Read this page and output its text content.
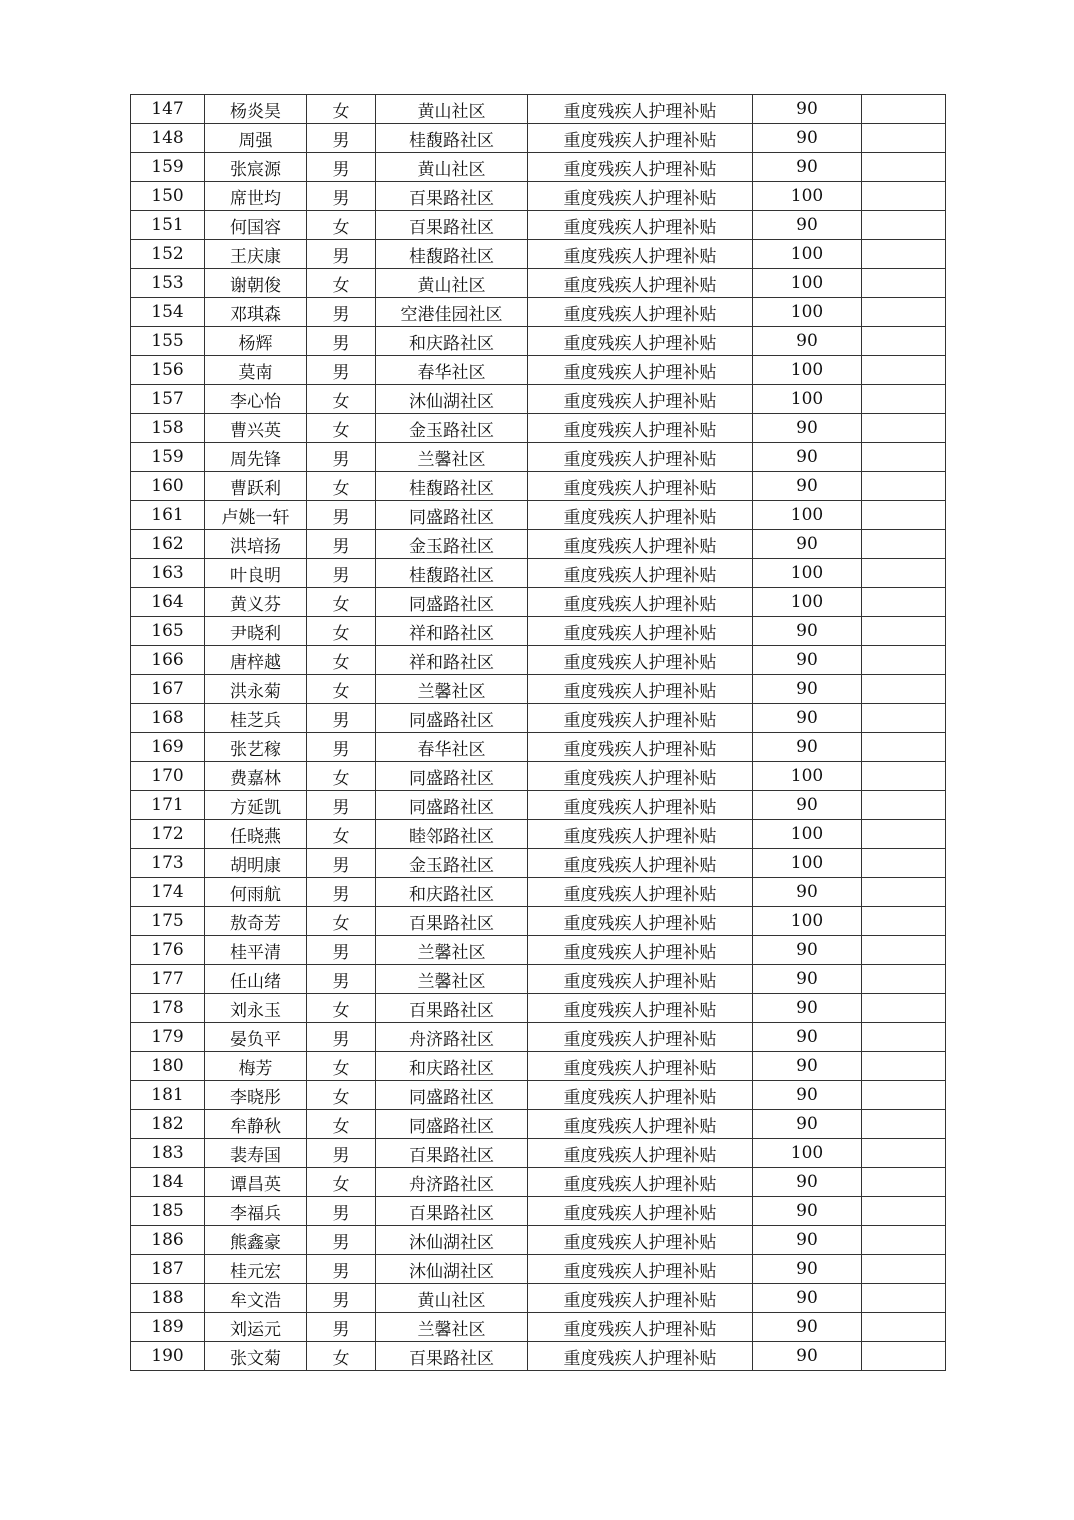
147	杨炎昊	女	黄山社区	重度残疾人护理补贴	90	
148	周强	男	桂馥路社区	重度残疾人护理补贴	90	
159	张宸源	男	黄山社区	重度残疾人护理补贴	90	
150	席世均	男	百果路社区	重度残疾人护理补贴	100	
151	何国容	女	百果路社区	重度残疾人护理补贴	90	
152	王庆康	男	桂馥路社区	重度残疾人护理补贴	100	
153	谢朝俊	女	黄山社区	重度残疾人护理补贴	100	
154	邓琪森	男	空港佳园社区	重度残疾人护理补贴	100	
155	杨辉	男	和庆路社区	重度残疾人护理补贴	90	
156	莫南	男	春华社区	重度残疾人护理补贴	100	
157	李心怡	女	沐仙湖社区	重度残疾人护理补贴	100	
158	曹兴英	女	金玉路社区	重度残疾人护理补贴	90	
159	周先锋	男	兰馨社区	重度残疾人护理补贴	90	
160	曹跃利	女	桂馥路社区	重度残疾人护理补贴	90	
161	卢姚一轩	男	同盛路社区	重度残疾人护理补贴	100	
162	洪培扬	男	金玉路社区	重度残疾人护理补贴	90	
163	叶良明	男	桂馥路社区	重度残疾人护理补贴	100	
164	黄义芬	女	同盛路社区	重度残疾人护理补贴	100	
165	尹晓利	女	祥和路社区	重度残疾人护理补贴	90	
166	唐梓越	女	祥和路社区	重度残疾人护理补贴	90	
167	洪永菊	女	兰馨社区	重度残疾人护理补贴	90	
168	桂芝兵	男	同盛路社区	重度残疾人护理补贴	90	
169	张艺稼	男	春华社区	重度残疾人护理补贴	90	
170	费嘉林	女	同盛路社区	重度残疾人护理补贴	100	
171	方延凯	男	同盛路社区	重度残疾人护理补贴	90	
172	任晓燕	女	睦邻路社区	重度残疾人护理补贴	100	
173	胡明康	男	金玉路社区	重度残疾人护理补贴	100	
174	何雨航	男	和庆路社区	重度残疾人护理补贴	90	
175	敖奇芳	女	百果路社区	重度残疾人护理补贴	100	
176	桂平清	男	兰馨社区	重度残疾人护理补贴	90	
177	任山绪	男	兰馨社区	重度残疾人护理补贴	90	
178	刘永玉	女	百果路社区	重度残疾人护理补贴	90	
179	晏负平	男	舟济路社区	重度残疾人护理补贴	90	
180	梅芳	女	和庆路社区	重度残疾人护理补贴	90	
181	李晓彤	女	同盛路社区	重度残疾人护理补贴	90	
182	牟静秋	女	同盛路社区	重度残疾人护理补贴	90	
183	裴寿国	男	百果路社区	重度残疾人护理补贴	100	
184	谭昌英	女	舟济路社区	重度残疾人护理补贴	90	
185	李福兵	男	百果路社区	重度残疾人护理补贴	90	
186	熊鑫豪	男	沐仙湖社区	重度残疾人护理补贴	90	
187	桂元宏	男	沐仙湖社区	重度残疾人护理补贴	90	
188	牟文浩	男	黄山社区	重度残疾人护理补贴	90	
189	刘运元	男	兰馨社区	重度残疾人护理补贴	90	
190	张文菊	女	百果路社区	重度残疾人护理补贴	90	
